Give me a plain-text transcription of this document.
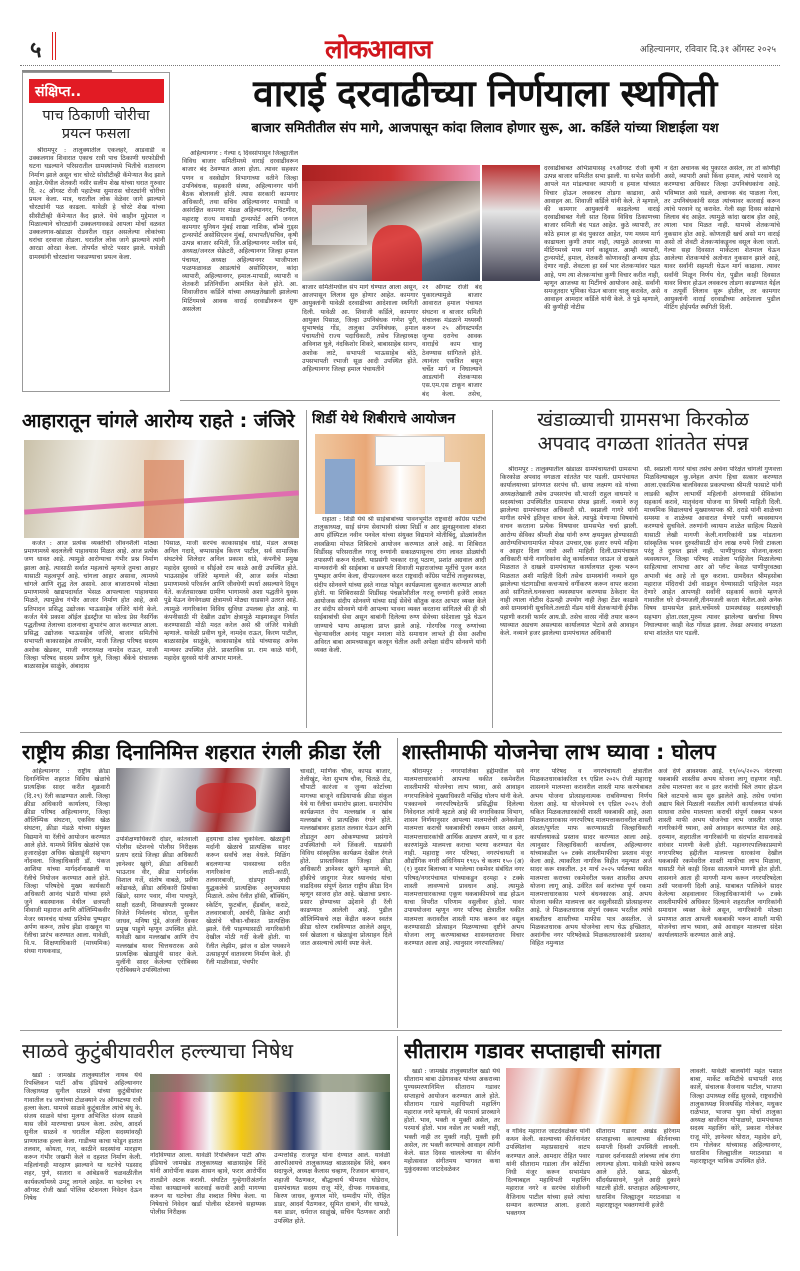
५	लोकआवाज	अहिल्यानगर, रविवार दि.३१ ऑगस्ट २०२५
संक्षिप्त..
पाच ठिकाणी चोरीचा
प्रयत्न फसला
श्रीरामपूर : तालुक्यातील एकलहरे, आडवाडी व उक्कलगाव शिवारात एकाच रात्री पाच ठिकाणी घरफोडीची घटना घडल्याने परिसरातील ग्रामस्थांमध्ये भितीचे वातावरण निर्माण झाले असून चार चोरटे सोसीटीव्ही कॅमेऱ्यात कैद झाले आहेत.येथील शेतकरी नसीर सलीम शेख यांच्या घरात गुरुवार दि. २८ ऑगस्ट रोजी पहाटेच्या सुमारास चोरट्यांनी चोरीचा प्रयत्न केला. मात्र, घरातील लोक वेळेवर जागे झाल्याने चोरट्यांनी पळ काढला. यावेळी हे चोरटे शेख यांच्या सीसीटीव्ही कॅमेऱ्यात कैद झाले. येथे काहीन मुद्देमाल न मिळाल्याने चोरट्यांनी उक्कलगावकडे आपला मोर्चा वळवत उक्कलगाव-खंडाळा रोडवरील राहत असलेल्या लोकांच्या घरांचा दरवाजा तोडला. घरातील लोक जागे झाल्याने त्यांनी आरडा ओरडा केला. तोपर्यंत चोरटे पसार झाले. यावेळी ग्रामस्थांनी चोरट्यांना पकडण्याचा प्रयत्न केला.
वाराई दरवाढीच्या निर्णयाला स्थगिती
बाजार समितीतील संप मागे, आजपासून कांदा लिलाव होणार सुरू, आ. कर्डिले यांच्या शिष्टाईला यश
अहिल्यानगर : गेल्या ६ दिवसांपासून जिल्ह्यातील विविध बाजार समितीमध्ये वाराई दरवाढीवरून बाजार बंद ठेवण्यात आला होता. त्यावर सहकार पणन व वस्त्रोद्योग विभागाच्या वतीने जिल्हा उपनिबंधक, सहकारी संस्था, अहिल्यानगर यांनी बैठक बोलावली होती. त्यास सरकारी कामगार अधिकारी, तथा सचिव अहिल्यानगर माथाडी व असंरक्षित कामगार मंडळ अहिल्यानगर, चिटणीस, महाराष्ट्र राज्य माथाडी ट्रान्सपोर्ट आणि जनरल कामगार युनियन मुंबई शाखा नाशिक, बॉम्बे गुड्स ट्रान्सपोर्ट असोसिएशन मुंबई, सभापती/सचिव, कृषी उत्पन्न बाजार समिती, जि.अहिल्यानगर मधील सर्व, अध्यक्ष/जनरल सेक्रेटरी, अहिल्यानगर जिल्हा हमाल पंचायत, अध्यक्ष अहिल्यानगर भाजीपाला फळफळावळ आडत्यांचे असोसिएशन, कांदा व्यापारी, अहिल्यानगर, हमाल-मापाडी, व्यापारी व शेतकरी प्रतिनिधींना आमंत्रित केले होते. आ. शिवाजीराव कर्डिले यांच्या अध्यक्षतेखाली झालेल्या मिटिंगमध्ये आवक वाराई दरवाढीवरून सुरू असलेला
बाजार समितीमधील संप मागे घेण्यात आला असून, आजपासून लिलाव सुरु होणार आहेत. कामगार आयुक्तांनी यावेळी दरवाढीच्या आदेशाला स्थगिती दिली. यावेळी आ. शिवाजी कर्डिले, कामगार आयुक्त पिसाळ, जिल्हा उपनिबंधक गणेश पुरी, सुभाषचंद्र गोंड, तालुका उपनिबंधक, हमाल पंचायतीचे राज्य पदाधिकारी, तसेच जिल्हाध्यक्ष अविनाश घुले, नंदकिशोर शिकरे, बाबासाहेब सानप, अशोक लाटे, सभापती भाऊसाहेब बोठे, उपसभापती रभाजी सूळ आदी उपस्थित होते. अहिल्यानगर जिल्हा हमाल पंचायतीने
२१ ऑगस्ट रोजी बंद पुकारल्यामुळे बाजार आवारात हमाल पंचायत संघटना व बाजार समिती संचालक मंडळाने मध्यस्थी करून २५ ऑगस्टपर्यंत जुन्या दरानेच आवक वाराईचे काम चालू ठेवण्यास सांगितले होते. त्यानंतर एकत्रित बसून चर्चेत मार्ग न निघाल्याने आडत्यांनी शेतकऱ्यास एस.एम.एस टाकून बाजार बंद केला. तसेच,
दरवाढीबाबत अभिप्रायासह २९ऑगस्ट रोजी कृषी उत्पन्न बाजार समितीत सभा झाली. या सभेत सर्वांनी आपले मत मांडल्यावर व्यापारी व हमाल यांच्यात विचार होऊन लवकरच तोडगा काढावा, असे आवाहन आ. शिवाजी कर्डिले यांनी केले. ते म्हणाले, की कामगार आयुक्तांनी काढलेल्या वाराई दरवाढीबाबत गेली सात दिवस विविध ठिकाणच्या बाजार समिती बंद पडत आहेत. कुठे व्यापारी, तर कोठे हमाल हा बंद पुकारत आहेत, पण मध्यम मार्ग काढायला कुणी तयार नाही, त्यामुळे आजच्या या मीटिंगमध्ये मध्य मार्ग काढूयात. आम्ही व्यापारी, ट्रान्सपोर्ट, हमाल, शेतकरी कोणावरही अन्याय होऊ देणार नाही. शेवटला हा सर्व भार शेतकऱ्यांवर पडत आहे, पण त्या शेतकऱ्यांचा कुणी विचार करीत नाही, म्हणून आजच्या या मिटींगचे आयोजन आहे. सर्वांनी समजूतदार भूमिका घेऊन बाजार चालू करावेत, असे आवाहन आमदार कर्डिले यांनी केले. ते पुढे म्हणाले, की कुणीही नोटीस
न देता अचानक बंद पुकारत असेल, तर तो कोणीही असो, व्यापारी असो किंवा हमाल, त्यांचे परवाने रद्द करण्याचा अधिकार जिल्हा उपनिबंधकांना आहे. भविष्यात असे घडले, अचानक बंद पाळला गेला, तर उपनिबंधकांनी सरळ त्यांच्यावर कारवाई करून त्यांचे परवाने रद्द करावेत. गेली सहा दिवस कांद्याचे लिलाव बंद आहेत. त्यामुळे कांदा खराब होत आहे, त्याला भाव मिळत नाही. यामध्ये शेतकऱ्यांचे नुकसान होत आहे. कोणताही खर्च असो मग वाराई असो तो शेवटी शेतकऱ्यांकडूनच वसूल केला जातो. गेल्या सहा दिवसात मार्केटला शेतमाल घेऊन आलेल्या शेतकऱ्यांचे अतोनात नुकसान झाले आहे, यावर सर्वांनी सहमती घेऊन मार्ग काढावा. त्यावर सर्वांनी मिळून निर्णय घेत, पुढील काही दिवसात यावर विचार होऊन लवकरच तोडगा काढण्यात येईल व तत्पूर्वी लिलाव सुरू होतील, तर कामगार आयुक्तांनी वाराई दरवाढीच्या आदेशाला पुढील मीटिंग होईपर्यंत स्थगिती दिली.
आहारातून चांगले आरोग्य राहते : जंजिरे
कर्जत : आज प्रत्येक व्यक्तीची जीवनशैली मोठ्या प्रमाणामध्ये बदललेली पाहावयास मिळत आहे. आज प्रत्येक जण धावत आहे. त्यामुळे आरोग्याचा गंभीर प्रश्न निर्माण झाला आहे. त्यासाठी सर्वात महत्वाचे म्हणजे तुमचा आहार यासाठी महत्वपूर्ण आहे. चांगला आहार असावा, त्यामध्ये चांगले आणि शुद्ध तेल असावे. आज बाजारामध्ये मोठ्या प्रमाणामध्ये खाद्यपदार्थात भेसळ आपल्याला पाहावयास मिळते, त्यामुळेच गंभीर आजार निर्माण होत आहे, असे प्रतिपादन प्रसिद्ध उद्योजक भाऊसाहेब जंजिरे यांनी केले. कर्जत येथे प्रकाश ऑईल इंडस्ट्रीज या कोल्ड प्रेस नैसर्गिक पद्धतीच्या तेलाच्या दालनाचा शुभारंभ आज करण्यात आला. प्रसिद्ध उद्योजक भाऊसाहेब जंजिरे, बाजार समितीचे सभापती काकासाहेब तापकीर, माजी जिल्हा परिषद सदस्य अशोक खेडकर, माजी नगराध्यक्ष नामदेव राऊत, माजी जिल्हा परिषद सदस्य प्रवीण घुले, जिल्हा बँकेचे संचालक बाळासाहेब साळुंके, अंबादास
पिसाळ, माजी सरपंच काकासाहेब धांडे, मंडल अध्यक्ष अनिल गदादे, बप्पासाहेब किरण पाटील, सर्व सामाजिक संघटनेचे शिलेदार अनिल प्रकाश धांडे, कंपनीचे प्रमुख महादेव सुरवसे व सीईओ राम काळे आदी उपस्थित होते. भाऊसाहेब जंजिरे म्हणाले की, आज सर्वत्र मोठ्या प्रमाणामध्ये परिवर्तन आणि जीवघेणी स्पर्धा असल्याने दिसून येते. कर्जतसारख्या ग्रामीण भागामध्ये अशा पद्धतीने युवक पुढे येऊन वेगवेगळ्या क्षेत्रामध्ये मोठ्या धाडसाने उतरत आहे. त्यामुळे नागरिकांना विविध सुविधा उपलब्ध होत आहे. या कंपनीसाठी मी देखील उद्योग क्षेत्रामुळे माझ्याकडून निर्यात करण्यासाठी मोठी मदत करेल असे श्री जंजिरे यावेळी म्हणाले. यावेळी प्रवीण घुले, नामदेव राऊत, किरण पाटील, बाळासाहेब साळुंके, काकासाहेब धांडे यांच्यासह अनेक मान्यवर उपस्थित होते. प्रास्ताविक प्रा. राम काळे यांनी, महादेव सुरवसे यांनी आभार मानले.
शिर्डी येथे शिबीराचे आयोजन
राहाता : शिर्डी येथे श्री साईबाबांच्या पावनभूमीत राष्ट्रवादी काँग्रेस पार्टीचे तालुकाध्यक्ष, साई संगम सेवाभावी संस्था शिर्डी व आर झुनझुनवाला शंकरा आय हॉस्पिटल नवीन पनवेल यांच्या संयुक्त विद्यमाने मोतीबिंदू, डोळ्यांवरील शस्त्रक्रिया मोफत शिबिराचे आयोजन करण्यात आले आहे. या शिबिरात शिर्डीसह परिसरातील गरजू रुग्णांनी सकाळपासूनच रांगा लावत डोळ्यांची तपासणी करून घेतली. याप्रसंगी पत्रकार राजू पठाण, प्रशांत अग्रवाल आदी मान्यवरांनी श्री साईबाबा व छत्रपती शिवाजी महाराजांच्या मूर्तीचे पूजन करत पुष्पहार अर्पण केला, दीपप्रज्वलन करत राष्ट्रवादी काँग्रेस पार्टीचे तालुकाध्यक्ष, संदीप सोनवणे यांच्या हस्ते नारळ फोडून कार्यक्रमाला सुरुवात करण्यात आली होती. या शिबिरासाठी शिर्डीसह पंचक्रोशीतील गरजू रुग्णांनी हजेरी लावत आयोजक संदीप सोनवणे यांच्या साई सेवेचे कौतुक करत आभार व्यक्त केले तर संदीप सोनवणे यांनी आपल्या भावना व्यक्त करताना सांगितले की ही श्री साईबाबांची सेवा असून बाबांनी दिलेल्या रुग्ण सेवेच्या संदेशाला पुढे घेऊन जाण्याचे भाग्य आम्हाला प्राप्त झाले आहे. गोरगरिब गरजू रुग्णांच्या चेहऱ्यावरील आनंद पाहून मनाला मोठे समाधान लाभते ही सेवा अशीच अविरत बाबा आमच्याकडून करवून घेतील अशी अपेक्षा संदीप सोनवणे यांनी व्यक्त केली.
खंडाळ्याची ग्रामसभा किरकोळ
अपवाद वगळता शांततेत संपन्न
श्रीरामपूर : तालुक्यातील खंडाळा ग्रामपंचायतची ग्रामसभा किरकोळ अपवाद वगळता शांततेत पार पडली. ग्रामपंचायत कार्यालयाच्या प्रांगणात सरपंच सौ. छाया लक्ष्मण वडे यांच्या अध्यक्षतेखाली तसेच उपसरपंच सौ.भारती राहुल वाघमारे व सदस्यांच्या उपस्थितीत ग्रामसभा संपन्न झाली. नव्याने रुजू झालेल्या ग्रामपंचायत अधिकारी सौ. स्वप्नाली गागरे यांनी मागील सभेचे इतिवृत्त वाचन केले. त्यापुढे येणाऱ्या विषयांचे वाचन करताना प्रत्येक विषयावर ग्रामसभेत चर्चा झाली. आरोग्य सेविका श्रीमती शेख यांनी रुग्ण क्षयमुक्त होण्यासाठी आरोग्यविभागामार्फत मोफत उपचार,एक हजार रुपये महिना व आहार दिला जातो अशी माहिती दिली.ग्रामपंचायत अधिकारी यांनी नागरिकांना सेतू कार्यालयात जाऊन जे दाखले मिळतात ते दाखले ग्रामपंचायत कार्यालयात शुल्क भरून मिळतात अशी माहिती दिली तसेच ग्रामस्थांनी नव्याने सुरु झालेल्या घंटागाडीचा कचऱ्याचे वर्गीकरण करून वापर करावा असे सांगितले.घनकचरा व्यवस्थापन करण्यास ठेकेदार येत नाही त्याला नोटीस देऊनही उपयोग नाही तेव्हा टेंडर काढावे असे ग्रामस्थांनी सुचविले.तलाठी मॅडम यांनी शेतकऱ्यांनी ईपीक पहाणी करावी फार्मर आय.डी. तसेच वारस नोंदी तयार करून घ्याव्यात अडचण असल्यास कार्यालयात भेटावे असे आवाहन केले. नव्याने हजर झालेल्या ग्रामपंचायत अधिकारी
सौ. स्वप्नाली गागरे यांचा तसेच अर्चना परिक्षेत चांगली गुणवत्ता मिळविल्याबद्दल कु.स्नेहल अभंग हिचा सत्कार करण्यात आला.एकात्मिक बालविकास प्रकल्पाच्या श्रीमती फासाटे यांनी लाडकी बहीण लाभार्थी महिलांनी अंगणवाडी सेविकांना सहकार्य करावे, मातृवंदना योजना या विषयी माहिती दिली. माध्यमिक विद्यालयाचे मुख्याध्यापक श्री. दराडे यांनी शाळेच्या समस्या व शाळेच्या आवारात येणारे पाणी व्यवस्थापन करण्याचे सुचविले. तरुणांनी व्यायाम शाळेत साहित्य मिळावे यासाठी लेखी मागणी केली.नागरिकांनी प्रश्न मांडताना सांस्कृतिक भवन दुरुस्तीसाठी दोन लाख रुपये निधी टाकला परंतु ते दुरुस्त झाले नाही. पाणीपुरवठा योजना,कचरा व्यवस्थापन, जिल्हा परिषद शाळेला पाहिजेल मिळालेल्या साहित्याचा लाभाचा आर ओ प्लॅन्ट केवळ पाणीपुरवठ्या अभावी बंद आहे तो सुरु करावा. ग्रामदैवत श्रीमहसोबा महाराज मंदिराची उंची वाढवून घेण्यासाठी पाहिजेल मदत देणारे आहेत आपणही सर्वांनी सहकार्य करावे म्हणजे गावातील घरे दोनमजली,तीनमजली करता येतील.असे अनेक विषय ग्रामसभेत झाले.चर्चेमध्ये ग्रामस्थांसह सदस्यांचाही सहभाग होता.रस्ता,मुरुम त्यावर झालेल्या खर्चाचा विषय निघाल्यावर काही वेळ गोंधळ झाला. तेवढा अपवाद वगळता सभा शांततेत पार पडली.
राष्ट्रीय क्रीडा दिनानिमित्त शहरात रंगली क्रीडा रॅली
अहिल्यानगर : राष्ट्रीय क्रीडा दिनानिमित्त शहरात विविध खेळांचे प्रात्यक्षिक सादर करीत शुक्रवारी (दि.२९) रॅली काढण्यात आली. जिल्हा क्रीडा अधिकारी कार्यालय, जिल्हा क्रीडा परिषद अहिल्यानगर, जिल्हा ऑलिम्पिक संघटना, एकविध खेळ संघटना, क्रीडा मंडळे यांच्या संयुक्त विद्यमाने या रॅलीचे आयोजन करण्यात आले होते. यामध्ये विविध खेळांचे एक हजाराहेक्षा अधिक खेळाडूंनी सहभाग नोंदवला. जिल्हाधिकारी डॉ. पंकज आशिया यांच्या मार्गदर्शनाखाली या रॅलीचे नियोजन करण्यात आले होते. जिल्हा परिषदेचे मुख्य कार्यकारी अधिकारी आनंद भंडारी यांच्या हस्ते जुने बसस्थानक येथील छत्रपती शिवाजी महाराज आणि ऑलिम्पिकवीर मेजर ध्यानचंद यांच्या प्रतिमेस पुष्पहार अर्पण करून, तसेच झेंडा दाखवून या रॅलीचा प्रारंभ करण्यात आला. यावेळी, वि.प. शिक्षणाधिकारी (माध्यमिक) संध्या गायकवाड,
उपशिक्षणाधिकारी दोडर, कोतवाली पोलीस स्टेशनचे पोलीस निरीक्षक प्रताप दराडे जिल्हा क्रीडा अधिकारी ज्ञानेश्वर खुरंगे, क्रीडा अधिकारी भाऊराव वीर, क्रीडा मार्गदर्शक विशाल गर्जे, संतोष वाबळे, प्रवीण कोंढावळे, क्रीडा अधिकारी प्रियांका खिंडरे, सागर पवार, मीना पाचपुते, साक्षी दळवी, शिवछत्रपती पुरस्कार विजेते निर्मलनंद थोरात, सुनील जाधव, मनिषा पुंडे, अंजली देवकर प्रमुख पाहुणे म्हणून उपस्थित होते. यावेळी खाव मल्लखांब आणि रोप मल्लखांब यावर चित्तथरारक असे प्रात्यक्षिक खेळाडूंनी सादर केले. मुलींनी सादर केलेल्या एरोबिक्स एरोबिक्सने उपस्थितांच्या
हृदयाचा ठोका चुकविला. खेळाडूंनी मर्दानी खेळाचे प्रात्यक्षिक सादर करून सर्वांचे लक्ष वेधले. मिळिंग बदलणाऱ्या पावसाच्या सरीत नागरिकांना लाठी-काठी, तलवारबाजी, दांडपट्टा आदी युद्धकलेचे प्रात्यक्षिक अनुभवयास मिळाले. तसेच रॅलीत हॉकी, बॉक्सिंग, स्केटिंग, फुटबॉल, हॅंडबॉल, कराटे, तलवारबाजी, आर्चरी, क्रिकेट आदी खेळांचे चौका-चौकात प्रात्यक्षिक झाले. रॅली पाहण्यासाठी नागरिकांनी देखील मोठी गर्दी केली होती. या रॅलीत लेझीम, झांज व ढोल पथकाने उत्साहपूर्ण वातावरण निर्माण केले. ही रॅली माळीवाडा, पंचपीर
चावडी, माणिक चौक, कापड बाजार, तेलीखुंट, नेता सुभाष चौक, चितळे रोड, चौपाटी कारंजा व जुन्या कोर्टाच्या मागच्या बाजूने वाडियापार्क क्रीडा संकुल येथे या रॅलीचा समारोप झाला. समारोपीय कार्यक्रमात रोप मल्लखांब व खांब मल्लखांब चे प्रात्यक्षिक रंगले होते. मल्लखांबावर हातात तलवार घेऊन आणि तोंडातून आग ओकण्याच्या प्रसंगाने उपस्थितांची मने जिंकली. याप्रसंगी विविध सांस्कृतिक कार्यक्रम देखील रंगले होते. प्रास्ताविकात जिल्हा क्रीडा अधिकारी ज्ञानेश्वर खुरंगे म्हणाले की, हॉकीचे जादूगार मेजर ध्यानचंद यांचा वाढदिवस संपूर्ण देशात राष्ट्रीय क्रीडा दिन म्हणून साजरा होत आहे. खेळाचा प्रचार-प्रसार होण्याच्या उद्देशाने ही रॅली काढण्यात आलेली आहे. पुढील ऑलिम्पिकचे लक्ष केंद्रीत करून स्वतंत्र क्रीडा धोरण राबविण्यात आलेले असून, सर्व खेळाला व खेळाडूंना प्रोत्साहन दिले जात असल्याचे त्यांनी स्पष्ट केले.
शास्तीमाफी योजनेचा लाभ घ्यावा : घोलप
श्रीरामपूर : नगरपालिका हद्दीमधील सर्व मालमत्ताधारकांनी आपल्या थकीत रकमेवरील शास्तीमाफी योजनेचा लाभ घ्यावा, असे आवाहन नगरपालिकेचे मुख्याधिकारी मच्छिंद्र घोलप यांनी केले. पत्रकान्वये नगरपरिषदेतर्फे प्रसिद्धीस दिलेल्या निवेदनात त्यांनी म्हटले आहे की नगरविकास विभाग, शासन निर्णयानुसार आपल्या मालमत्तेची अनेकवेळा मालमत्ता कराची थकबाकीची रक्कम जास्त असणे, मालमत्ताधारकांची आर्थिक अडचण असणे, या व इतर कारणांमुळे मालमत्ता कराचा भरणा करण्यात येत नाही. महाराष्ट्र नगर परिषदा, नगरपंचायती व औद्योगिक नगरी अधिनियम १९६५ चे कलम १५० (अ) (१) नुसार बिलाच्या न भरलेल्या रकमेवर संबंधित नगर परिषद/नगरपंचायत यांच्याकडून दरमहा २ टक्के शास्ती लावण्याचे प्रावधान आहे. त्यामुळे मालमत्ताधारकाच्या एकूण थकबाकीमध्ये वाढ होऊन याचा विपरीत परिणाम वसुलीवर होतो. यावर उपाययोजना म्हणून नगर परिषद क्षेत्रातील थकीत मालमत्ता करावरील शास्ती माफ करून कर वसूल करण्यासाठी प्रोत्साहन मिळण्याच्या दृष्टीने अभय योजना लागू करण्याबाबत शासनस्तरावर विचार करण्यात आला आहे. त्यानुसार नगरपालिका/
नगर परिषद व नगरपंचायती क्षेत्रातील मिळकतधारकांकरिता १९ एप्रिल २०२५ रोजी महाराष्ट्र शासनाने मालमत्ता करावरील शास्ती माफ करणेबाबत अभय योजना प्रोत्साहनात्मक राबविण्याचा निर्णय घेतला आहे. या योजनेमध्ये १९ एप्रिल २०२५ रोजी थकित मिळकतधारकांची शास्ती थकबाकी आहे, अशा मिळकतधारकास नगरपरिषद मालमत्ताकरावरील शास्ती अंशतः/पूर्णतः माफ करण्यासाठी जिल्हाधिकारी कार्यालयाकडे प्रस्ताव सादर करण्यात आला आहे. त्यानुसार जिल्हाधिकारी कार्यालय, अहिल्यानगर यांच्याकडील ५० टक्के शास्तीमाफीचा प्रस्ताव मंजूर केला आहे. त्याकरिता नागरिक विहीत नमुन्यात अर्ज सादर करू शकतील. ३१ मार्च २०२५ पर्यंतच्या थकीत मालमत्ता कराच्या रकमेवरील फक्त शास्तीस अभय योजना लागू आहे. उर्वरित सर्व करांच्या पूर्ण रकमा मालमत्ताधारकास भरणे बंधनकारक आहे. अभय योजना थकीत मालमत्ता कर वसुलीसाठी प्रोत्साहनपर आहे. जे मिळकतधारक संपूर्ण रक्कम भरतील त्यांचे बाबतीतच शास्तीच्या माफीस पात्र असतील. जे मिळकतधारक अभय योजनेचा लाभ घेऊ इच्छितात, अशांनीच नगर परिषदेकडे मिळकतधारकांनी प्रस्ताव/विहित नमुन्यात
अर्ज देणे आवश्यक आहे. १९/०५/२०२५ नंतरच्या थकबाकी शास्तीस अभय योजना लागू राहणार नाही. तसेच मालमत्ता कर व इतर करांची बिले तयार होऊन बिले वाटपाचे काम सुरु झालेले आहे. तसेच ज्यांना अद्याप बिले मिळाली नसतील त्यांनी कार्यालयात संपर्क साधावा तसेच मालमत्ता कराची संपूर्ण रक्कम भरून शास्ती माफी अभय योजनेचा लाभ जास्तीत जास्त नागरिकांनी घ्यावा, असे आवाहन करण्यात येत आहे. दरम्यान, शहरातील नागरिकांनी या संदर्भात शासनाकडे वारंवार मागणी केली होती. महानगरपालिकाप्रमाणे नगरपरिषद हद्दीतील मालमत्ता धारकांना देखील थकबाकी रकमेवरील शास्ती माफीचा लाभ मिळावा, यासाठी गेले काही दिवस सातत्याने मागणी होत होती. शासनाने आता ही मागणी मान्य करून नगरपरिषदेला तशी परवानगी दिली आहे. याबाबत पालिकेने सादर केलेल्या अहवालावर जिल्हाधिकाऱ्यांनी ५० टक्के शास्तीमाफीचे अधिकार दिल्याने शहरातील नागरिकांनी समाधान व्यक्त केले असून, नागरिकांनी मोठ्या प्रमाणात आता आपली थकबाकी भरून शास्ती माफी योजनेचा लाभ घ्यावा, असे आवाहन मालमत्ता संदेश कार्यालयातर्फे करण्यात आले आहे.
साळवे कुटुंबीयावरील हल्ल्याचा निषेध
खर्डा : जामखेड तालुक्यातील नायब येथे रिपब्लिकन पार्टी ऑफ इंडियाचे अहिल्यानगर जिल्हाध्यक्ष सुनील साळवे यांच्या कुटुंबीयांवर गावातील १४ जणांच्या टोळक्याने २४ ऑगस्टच्या रात्री हल्ला केला. यामध्ये साळवे कुटुंबातील त्यांचे बंधू के. संजय साळवे यांचा मुलगा अभिजित संजय साळवे यास जीवे मारण्याचा प्रयत्न केला. तसेच, आदर्श सुनील साळवे व घरातील महिला सदस्यांवरही प्राणघातक हल्ला केला. गाडीच्या काचा फोडून हातात तलवार, कोयता, गज, काठीने सदस्यांना मारहाण करून गंभीर जखमी केले व दहशत निर्माण केली. महिलांनाही मारहाण झाल्याने या घटनेचे पडसाद शहर, पुणे, सातारा व आंबेडकरी चळवळीतील कार्यकर्त्यांमध्ये उमटू लागले आहेत. या घटनेचा २९ ऑगस्ट रोजी खर्डा पोलिस स्टेशनला निवेदन देऊन निषेध
नोंदविण्यात आला. यावेळी रिपब्लिकन पार्टी ऑफ इंडियाचे जामखेड तालुकाध्यक्ष बाळासाहेब शिंदे यांनी आरोपींना कडक शासन व्हावे, फरार आरोपींस तातडीने अटक करावी. संघटित गुन्हेगारीअंतर्गत मोका कायद्यान्वये कारवाई करावी आदी मागण्या करून या घटनेचा तीव्र शब्दात निषेध केला. या निषेधाचे निवेदन खर्डा पोलीस स्टेशनचे सहाय्यक पोलीस निरीक्षक
उन्मत्तसिंह राजपूत यांना देण्यात आले. यावेळी आरपीआयचे तालुकाध्यक्ष बाळासाहेब शिंदे, बबन सदाफुले, अध्यक्ष कैलास चव्हाण, रिजवान बागवान, शहाजी पैठणकर, बौद्धाचार्य भीमराव घोडेराव, ग्रामपंचायत सदस्य राजू मोरे, दीपक गायकवाड, किरण जाधव, कुणाल मोरे, धम्मदीप मोरे, रोहित डाडर, आदर्श पैठणकर, सुमित दाबाने, वीर घायळे, यश डाडर, धर्मराज साळुंखे, सचिन पैठणकर आदी उपस्थित होते.
सीताराम गडावर सप्ताहाची सांगता
खर्डा : जामखेड तालुक्यातील खर्डा येथे सीताराम बाबा उंडेगावकर यांच्या अकराव्या पुण्यस्मरणानिमित्त सीताराम गडावर सप्ताहाचे आयोजन करण्यात आले होते. सीताराम गडाचे महाधिपती महालिंग महाराज नगरे म्हणाले, की परमार्थ प्रारब्धाने होतो. भाव, भक्ती व मुक्ती असेल, तर परमार्थ होतो. भाव नसेल तर भक्ती नाही, भक्ती नाही तर मुक्ती नाही, मुक्ती हवी असेल, तर भक्ती करण्याचे आवाहन त्यांनी केले. सात दिवस चाललेल्या या कीर्तन महोत्सवात संगीतमय भागवत कथा मुकुंदकाका जाटदेवळेकर
व गोविंद महाराज जाटदेवळेकर यांनी कथन केली. काल्याच्या कीर्तनानंतर उपस्थितांना महाप्रसादाचे वाटप करण्यात आले. आमदार रोहित पवार यांनी सीताराम गडाला तीन कोटींचा निधी मंजूर करून सभामंडप दिल्याबद्दल महाधिपती महालिंग महाराज नगरे व सरपंच संजीवनी वैजिनाथ पाटील यांच्या हस्ते त्यांचा सन्मान करण्यात आला. हजारो भक्तगण
सीताराम गडावर अखंड हरिनाम सप्ताहाच्या काल्याच्या कीर्तनाच्या समाप्ती दिवशी उपस्थिती लावली. गडावर दर्शनासाठी लांबच्या लांब रांगा लागल्या होत्या. यावेळी यात्रेचे स्वरूप आले होते. खाऊ, खेळणी, सौंदर्यप्रसाधने, फुले आदी दुकाने थाटली होती. सप्ताहात अहिल्यानगर, धाराशिव जिल्ह्यातून मराठवाडा व महाराष्ट्रातून भक्तगणांनी हजेरी
लावली. यावेळी बालयोगी महंत पशात बाबा, मार्केट कमिटीचे सभापती शरद कार्ले, संचालक वैजनाथ पाटील, भाजपा जिल्हा उपाध्यक्ष रवींद्र सुरवसे, राष्ट्रवादीचे तालुकाध्यक्ष विजयसिंह गोलेकर, मधुकर राळेभात, भाजपा युवा मोर्चा तालुका अध्यक्ष बाजीराव गोपाळघरे, ग्रामपंचायत सदस्य महालिंग कोरे, प्रकाश गोलेकर राजू मोरे, ज्ञानेश्वर थोरात, महादेव ढगे, राम गोलेकर यांच्यासह अहिल्यानगर, धाराशिव जिल्ह्यातील मराठवाडा व महाराष्ट्रातून भाविक उपस्थित होते.
